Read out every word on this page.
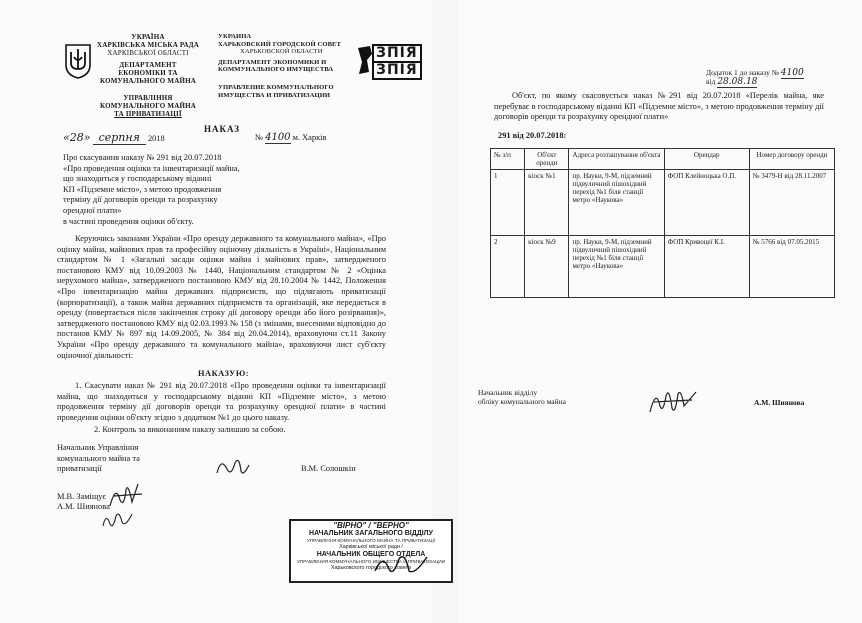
УКРАЇНА
ХАРКІВСЬКА МІСЬКА РАДА
ХАРКІВСЬКОЇ ОБЛАСТІ
ДЕПАРТАМЕНТ
ЕКОНОМІКИ ТА
КОМУНАЛЬНОГО МАЙНА
УПРАВЛІННЯ
КОМУНАЛЬНОГО МАЙНА
ТА ПРИВАТИЗАЦІЇ
УКРАИНА
ХАРЬКОВСКИЙ ГОРОДСКОЙ СОВЕТ
ХАРЬКОВСКОЙ ОБЛАСТИ
ДЕПАРТАМЕНТ ЭКОНОМИКИ И
КОММУНАЛЬНОГО ИМУЩЕСТВА
УПРАВЛЕНИЕ КОММУНАЛЬНОГО
ИМУЩЕСТВА И ПРИВАТИЗАЦИИ
ЗПІЯ
ЗПІЯ
НАКАЗ
«28» серпня 2018	№ 4100 м. Харків
Про скасування наказу № 291 від 20.07.2018
«Про проведення оцінки та інвентаризації майна,
що знаходиться у господарському віданні
КП «Підземне місто», з метою продовження
терміну дії договорів оренди та розрахунку
орендної плати»
в частині проведення оцінки об'єкту.
Керуючись законами України «Про оренду державного та комунального майна», «Про оцінку майна, майнових прав та професійну оціночну діяльність в Україні», Національним стандартом № 1 «Загальні засади оцінки майна і майнових прав», затвердженого постановою КМУ від 10.09.2003 № 1440, Національним стандартом № 2 «Оцінка нерухомого майна», затвердженого постановою КМУ від 28.10.2004 № 1442, Положення «Про інвентаризацію майна державних підприємств, що підлягають приватизації (корпоратизації), а також майна державних підприємств та організацій, яке передається в оренду (повертається після закінчення строку дії договору оренди або його розірвання)», затвердженого постановою КМУ від 02.03.1993 № 158 (з змінами, внесеними відповідно до постанов КМУ № 897 від 14.09.2005, № 384 від 20.04.2014), враховуючи ст.11 Закону України «Про оренду державного та комунального майна», враховуючи лист суб'єкту оціночної діяльності:
НАКАЗУЮ:
1. Скасувати наказ № 291 від 20.07.2018 «Про проведення оцінки та інвентаризації майна, що знаходиться у господарському віданні КП «Підземне місто», з метою продовження терміну дії договорів оренди та розрахунку орендної плати» в частині проведення оцінки об'єкту згідно з додатком №1 до цього наказу.
2. Контроль за виконанням наказу залишаю за собою.
Начальник Управління
комунального майна та
приватизації	В.М. Солошкін
М.В. Заміщує
А.М. Шиянова
"ВІРНО" / "ВЕРНО"
НАЧАЛЬНИК ЗАГАЛЬНОГО ВІДДІЛУ
УПРАВЛІННЯ КОМУНАЛЬНОГО МАЙНА ТА ПРИВАТИЗАЦІЇ
Харківської міської ради /
НАЧАЛЬНИК ОБЩЕГО ОТДЕЛА
УПРАВЛЕНИЯ КОММУНАЛЬНОГО ИМУЩЕСТВА И ПРИВАТИЗАЦИИ
Харьковского городского совета
Додаток 1 до наказу № 4100
від 28.08.18
Об'єкт, по якому скасовується наказ №291 від 20.07.2018 «Перелік майна, яке перебуває в господарському віданні КП «Підземне місто», з метою продовження терміну дії договорів оренди та розрахунку орендної плати»
291 від 20.07.2018:
№ з/п	Об'єкт оренди	Адреса розташування об'єкта	Орендар	Номер договору оренди
1	кіоск №1	пр. Науки, 9-М, підземний підвуличний пішохідний перехід №1 біля станції метро «Наукова»	ФОП Клейноцька О.П.	№ 3479-Н від 28.11.2007
2	кіоск №9	пр. Науки, 9-М, підземний підвуличний пішохідний перехід №1 біля станції метро «Наукова»	ФОП Кривоцеї К.І.	№ 5766 від 07.05.2015
Начальник відділу
обліку комунального майна	А.М. Шиянова
